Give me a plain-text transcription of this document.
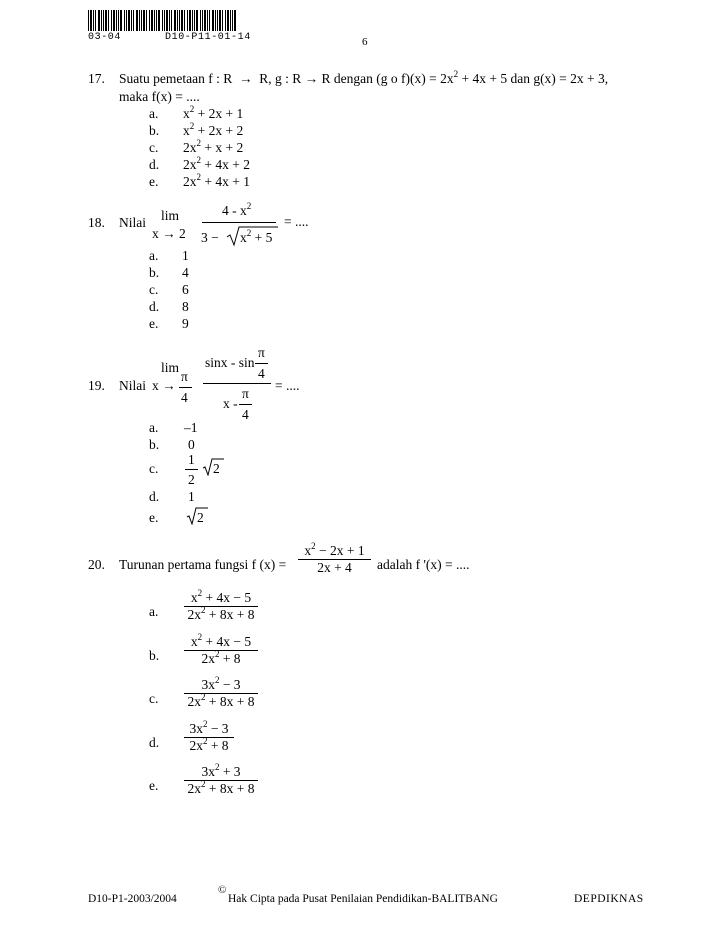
03-04	D10-P11-01-14	6
17. Suatu pemetaan f : R → R, g : R → R dengan (g o $f)(x) = 2x^2 + 4x + 5$ dan g(x) = 2x + 3,
maka f(x) = ....
a. $x^2 + 2x + 1$
b. $x^2 + 2x + 2$
c. $2x^2 + x + 2$
d. $2x^2 + 4x + 2$
e. $2x^2 + 4x + 1$
18. Nilai lim
x → 2
$4 - x^2$
$3 - x^2 + 5$
= ....
a. 1
b. 4
c. 6
d. 8
e. 9
19. Nilai
lim
x →
π
4
sinx - sin
π
4
x -
π
4
= ....
a. –1
b. 0
c.
1
2
2
d. 1
e.	2
20. Turunan pertama fungsi f (x) =
$x^2 - 2x + 1$
2x + 4	adalah f '(x) = ....
a.
$x^2 + 4x - 5$
$2x^2 + 8x + 8$
b.
$x^2 + 4x - 5$
$2x^2 + 8$
c.
$3x^2 - 3$
$2x^2 + 8x + 8$
d.
$3x^2 - 3$
$2x^2 + 8$
e.
$3x^2 + 3$
$2x^2 + 8x + 8$
D10-P1-2003/2004
©
Hak Cipta pada Pusat Penilaian Pendidikan-BALITBANG	DEPDIKNAS
